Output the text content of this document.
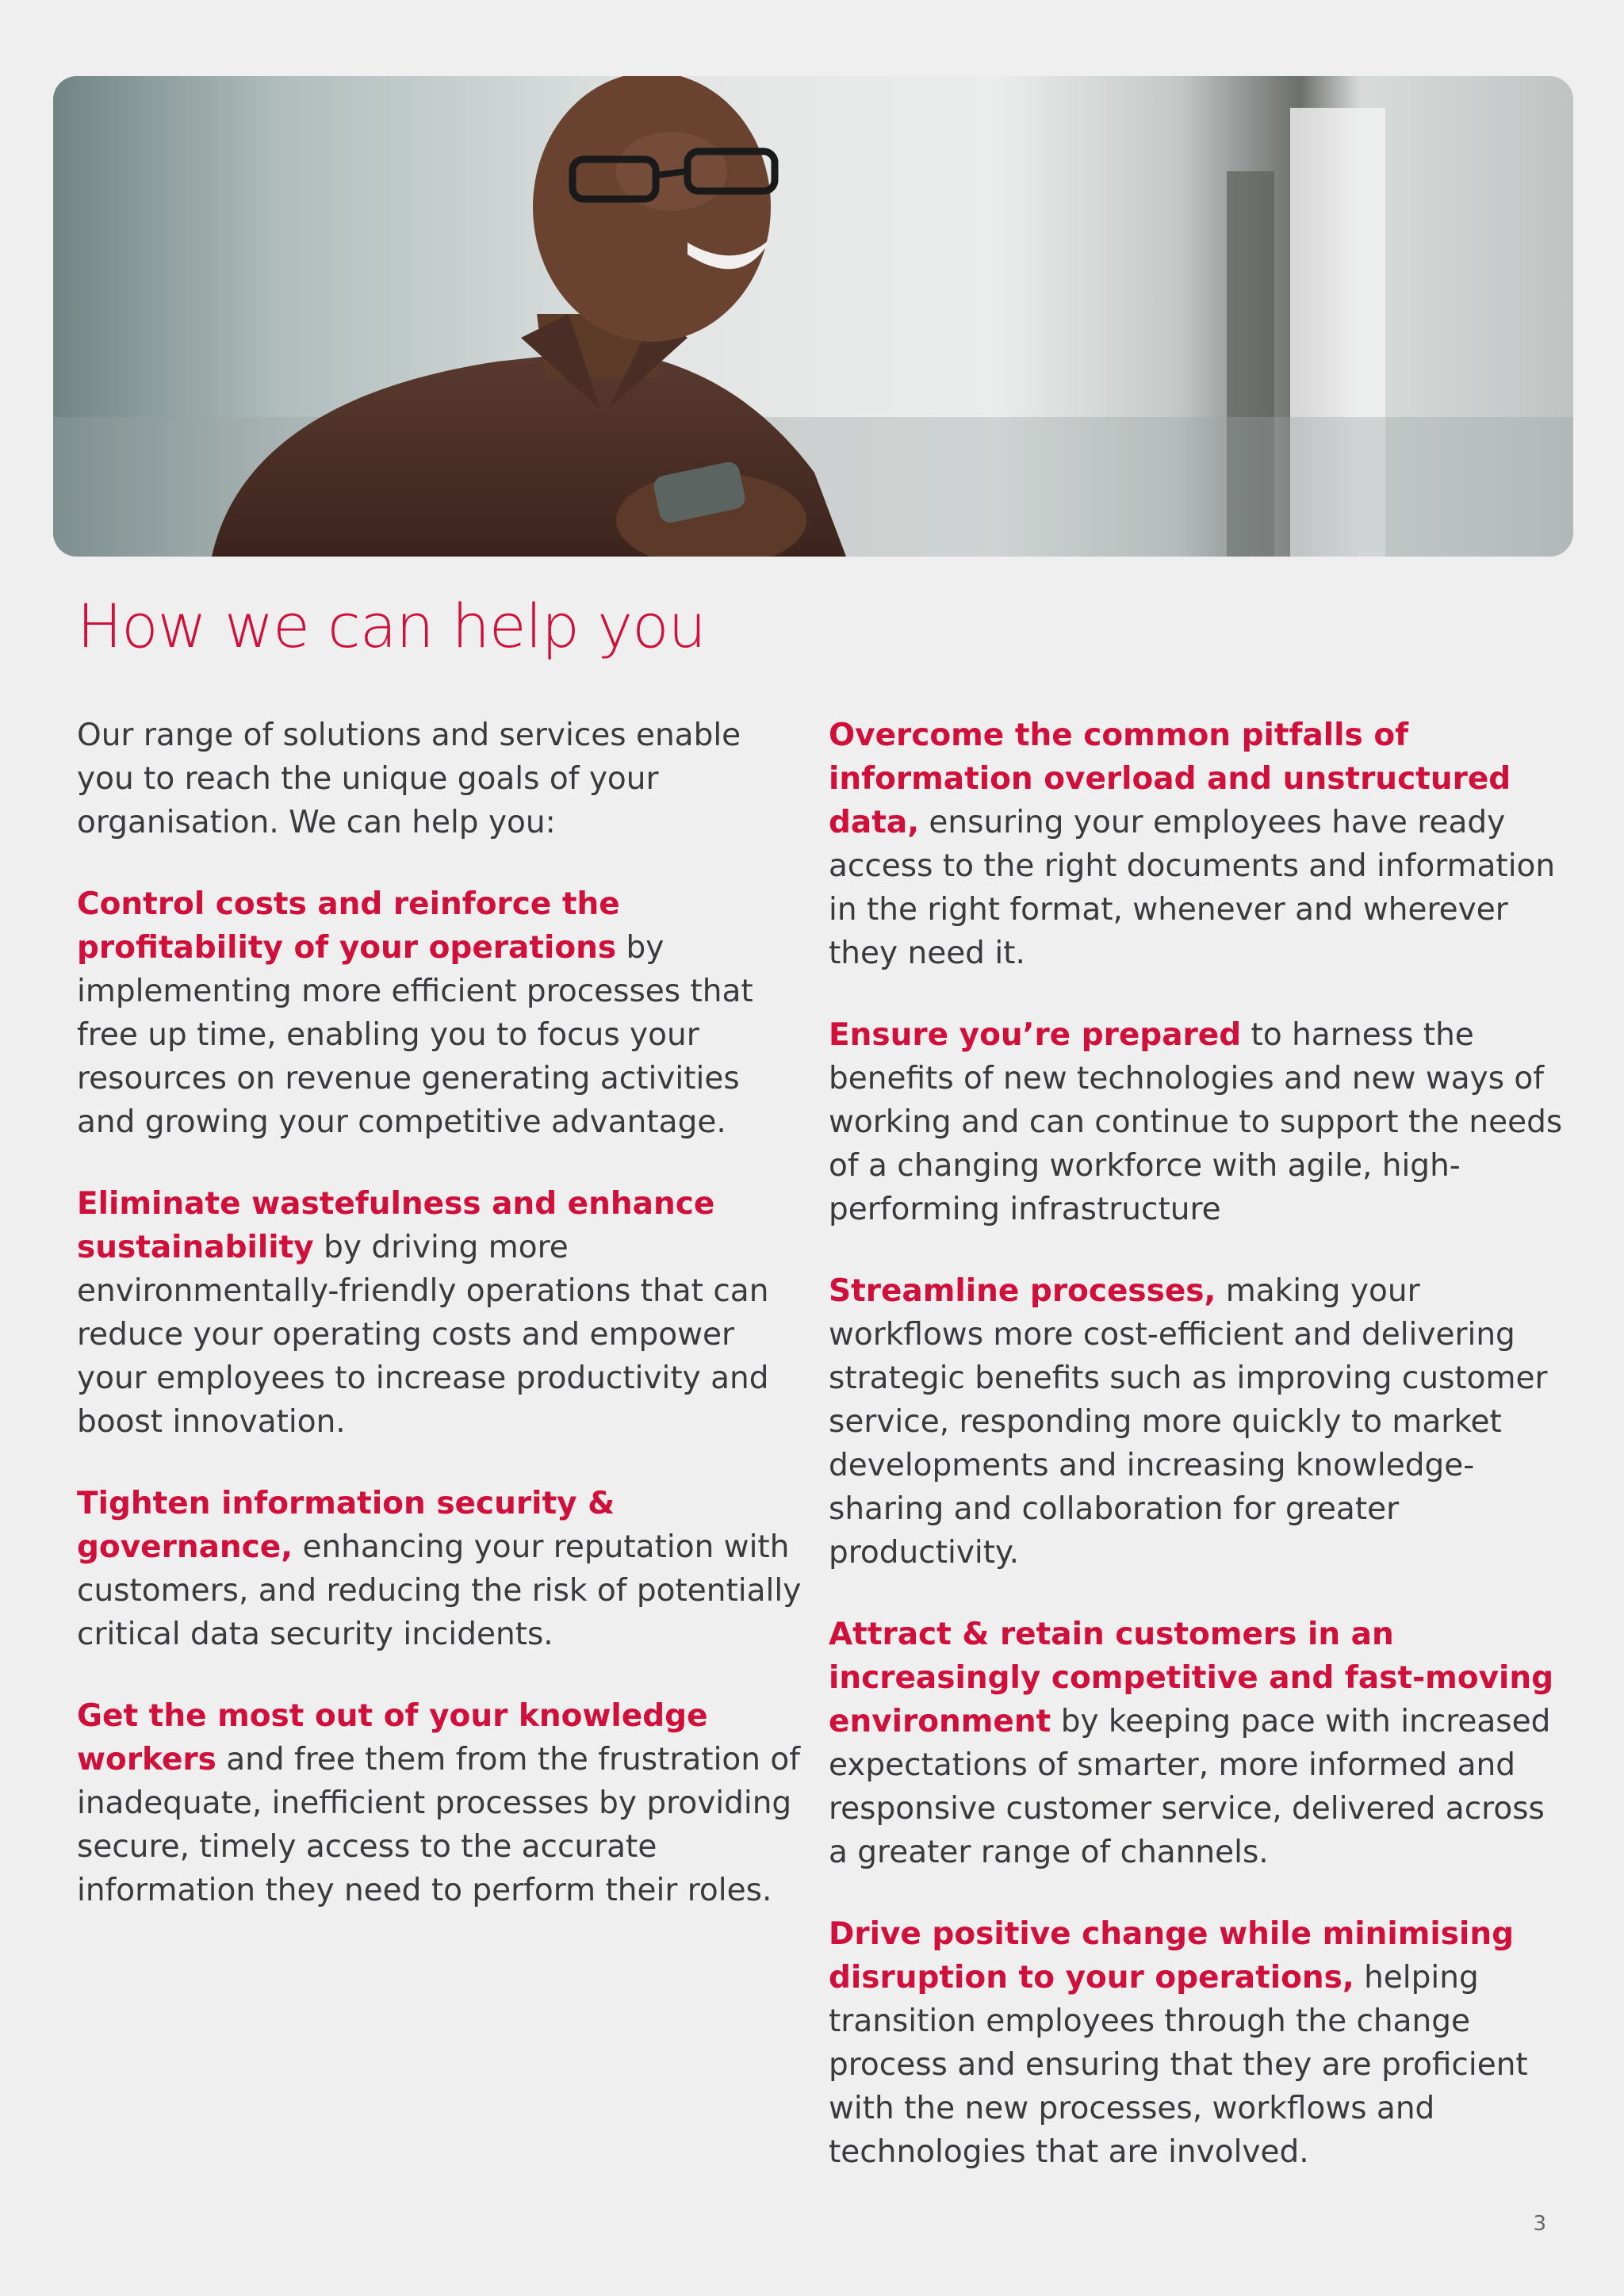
How we can help you

Our range of solutions and services enable you to reach the unique goals of your organisation. We can help you:

Control costs and reinforce the profitability of your operations by implementing more efficient processes that free up time, enabling you to focus your resources on revenue generating activities and growing your competitive advantage.

Eliminate wastefulness and enhance sustainability by driving more environmentally-friendly operations that can reduce your operating costs and empower your employees to increase productivity and boost innovation.

Tighten information security & governance, enhancing your reputation with customers, and reducing the risk of potentially critical data security incidents.

Get the most out of your knowledge workers and free them from the frustration of inadequate, inefficient processes by providing secure, timely access to the accurate information they need to perform their roles.

Overcome the common pitfalls of information overload and unstructured data, ensuring your employees have ready access to the right documents and information in the right format, whenever and wherever they need it.

Ensure you’re prepared to harness the benefits of new technologies and new ways of working and can continue to support the needs of a changing workforce with agile, high-performing infrastructure

Streamline processes, making your workflows more cost-efficient and delivering strategic benefits such as improving customer service, responding more quickly to market developments and increasing knowledge-sharing and collaboration for greater productivity.

Attract & retain customers in an increasingly competitive and fast-moving environment by keeping pace with increased expectations of smarter, more informed and responsive customer service, delivered across a greater range of channels.

Drive positive change while minimising disruption to your operations, helping transition employees through the change process and ensuring that they are proficient with the new processes, workflows and technologies that are involved.

3
